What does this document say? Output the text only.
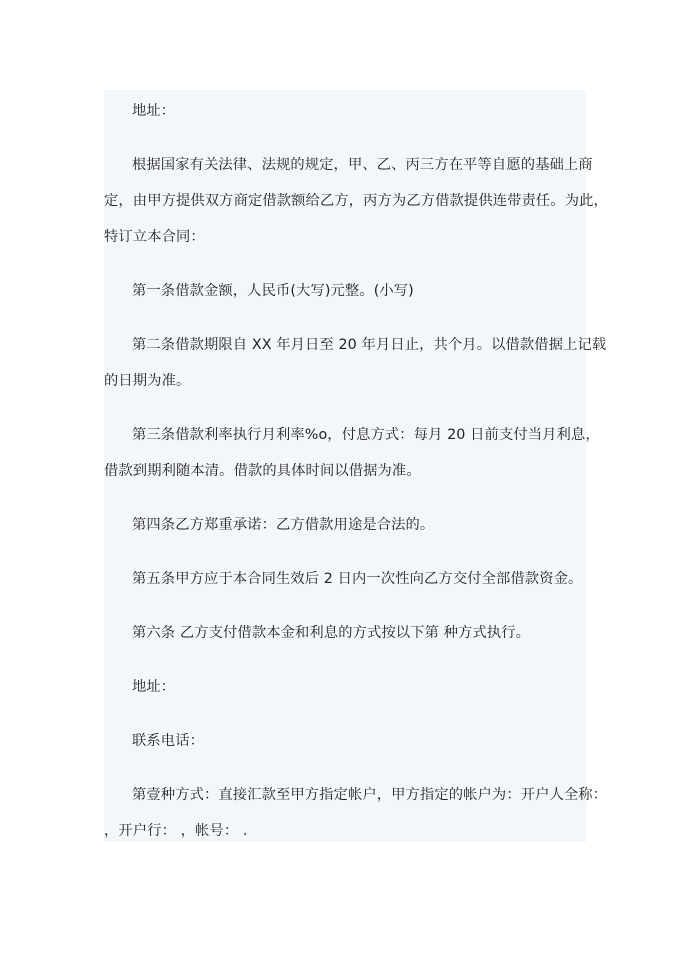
地址：
根据国家有关法律、法规的规定，甲、乙、丙三方在平等自愿的基础上商
定，由甲方提供双方商定借款额给乙方，丙方为乙方借款提供连带责任。为此，
特订立本合同：
第一条借款金额，人民币(大写)元整。(小写)
第二条借款期限自 XX 年月日至 20 年月日止，共个月。以借款借据上记载
的日期为准。
第三条借款利率执行月利率%o，付息方式：每月 20 日前支付当月利息，
借款到期利随本清。借款的具体时间以借据为准。
第四条乙方郑重承诺：乙方借款用途是合法的。
第五条甲方应于本合同生效后 2 日内一次性向乙方交付全部借款资金。
第六条 乙方支付借款本金和利息的方式按以下第 种方式执行。
地址：
联系电话：
第壹种方式：直接汇款至甲方指定帐户，甲方指定的帐户为：开户人全称：
，开户行： ，帐号： .
